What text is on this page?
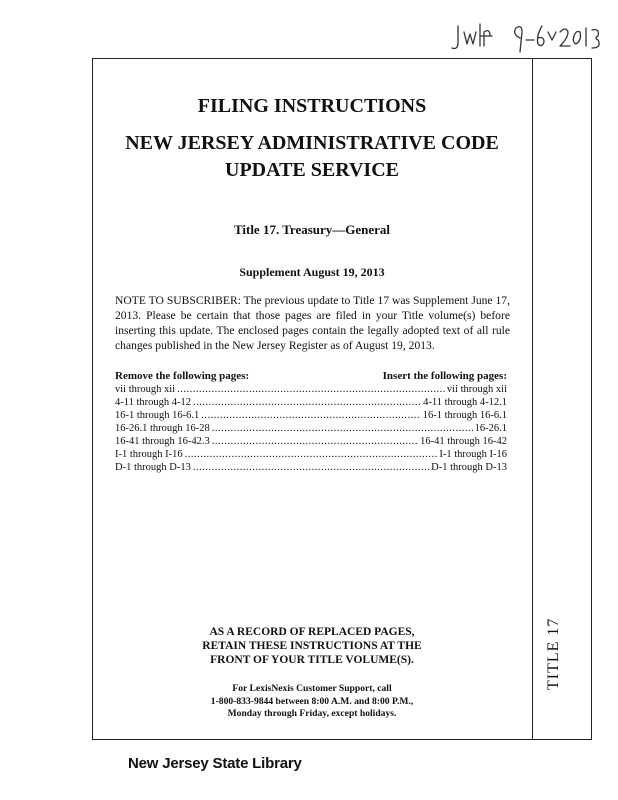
TITLE 17
FILING INSTRUCTIONS
NEW JERSEY ADMINISTRATIVE CODE
UPDATE SERVICE
Title 17. Treasury—General
Supplement August 19, 2013
NOTE TO SUBSCRIBER: The previous update to Title 17 was Supplement June 17, 2013. Please be certain that those pages are filed in your Title volume(s) before inserting this update. The enclosed pages contain the legally adopted text of all rule changes published in the New Jersey Register as of August 19, 2013.
Remove the following pages:	Insert the following pages:
vii through xii .....	vii through xii
4-11 through 4-12 .....	4-11 through 4-12.1
16-1 through 16-6.1 .....	16-1 through 16-6.1
16-26.1 through 16-28 .....	16-26.1
16-41 through 16-42.3 .....	16-41 through 16-42
I-1 through I-16 .....	I-1 through I-16
D-1 through D-13 .....	D-1 through D-13
AS A RECORD OF REPLACED PAGES,
RETAIN THESE INSTRUCTIONS AT THE
FRONT OF YOUR TITLE VOLUME(S).
For LexisNexis Customer Support, call
1-800-833-9844 between 8:00 A.M. and 8:00 P.M.,
Monday through Friday, except holidays.
New Jersey State Library
